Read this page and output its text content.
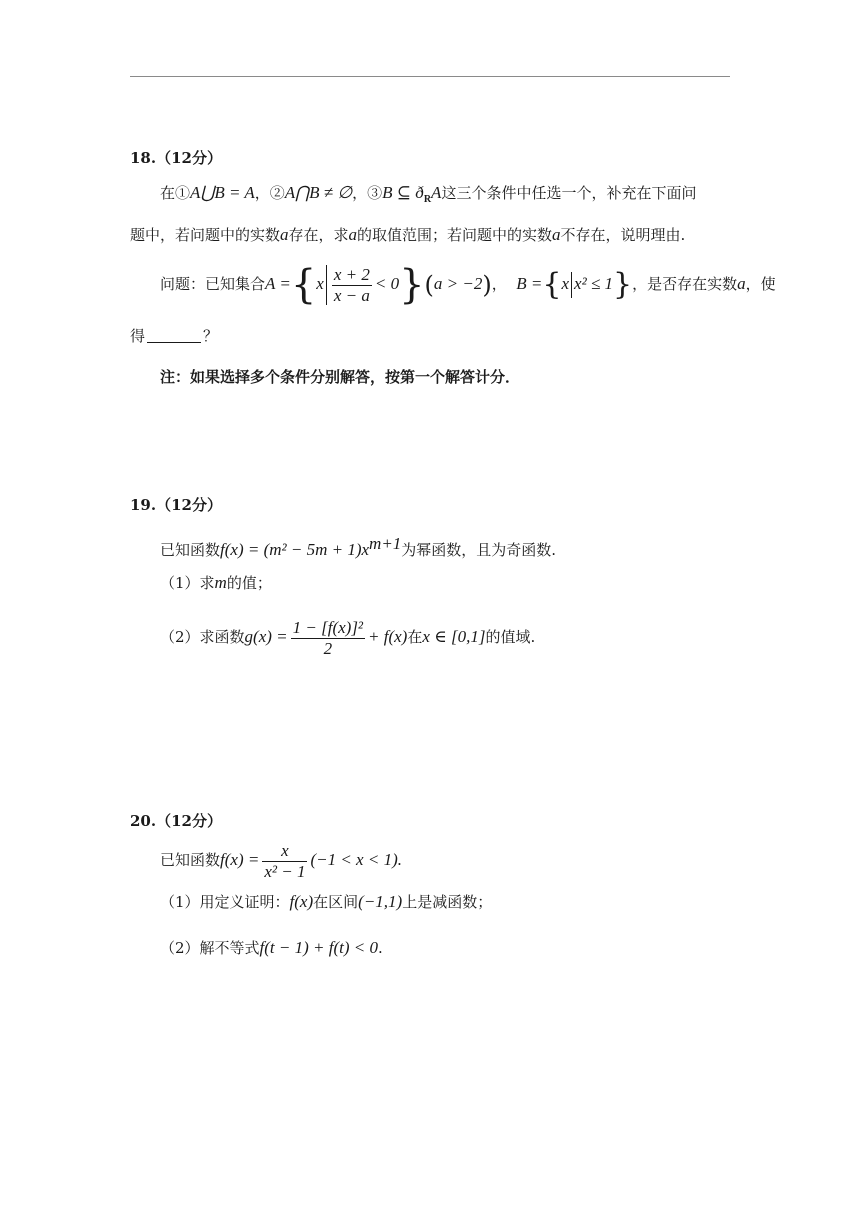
18.（12分）
在①A⋃B = A，②A⋂B ≠ ∅，③B ⊆ $ð_RA$这三个条件中任选一个，补充在下面问
题中，若问题中的实数a存在，求a的取值范围；若问题中的实数a不存在，说明理由.
问题：已知集合$A =\{x \frac{x + 2}{x - a} < 0\}(a > -2)$，  B ={x x² ≤ 1}，是否存在实数a，使
得	？
注：如果选择多个条件分别解答，按第一个解答计分．
19.（12分）
已知函数$f(x) = (m^2 - 5m + 1)x^{m+1}$为幂函数，且为奇函数.
（1）求m的值；
（2）求函数$g(x) = \frac{\text{1 − [f(x)]²}}{2} + f(x)$在x ∈ [0,1]的值域.
20.（12分）
已知函数$f(x) = \frac{x}{\text{x² − 1}} (-1 < x < 1)$.
（1）用定义证明：f(x)在区间(−1,1)上是减函数；
（2）解不等式f(t − 1) + f(t) < 0.
